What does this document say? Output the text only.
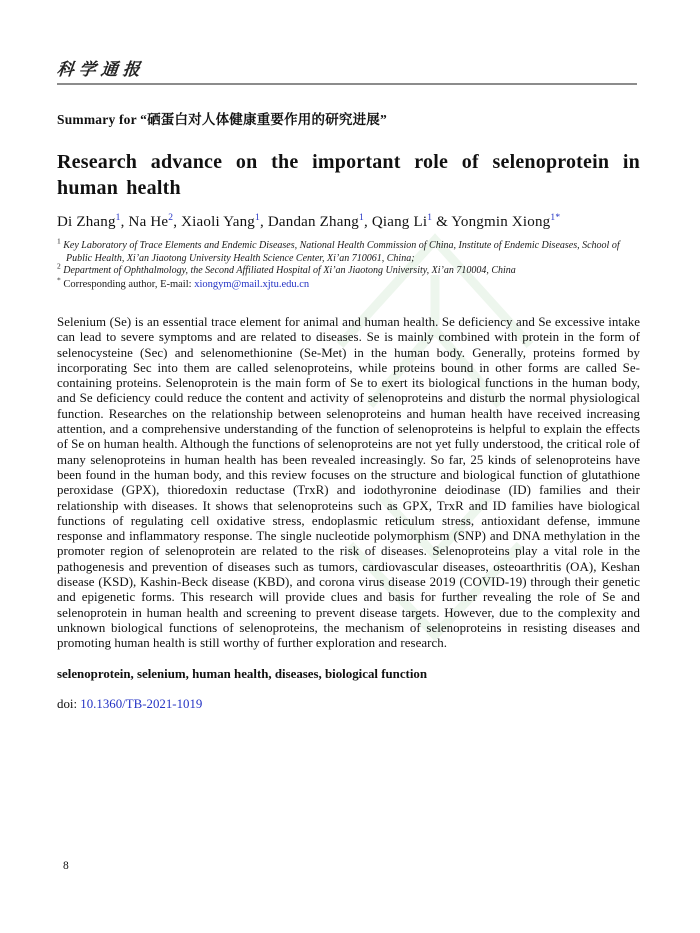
科学通报
Summary for “硒蛋白对人体健康重要作用的研究进展”
Research advance on the important role of selenoprotein in human health
Di Zhang$^1$, Na He$^2$, Xiaoli Yang$^1$, Dandan Zhang$^1$, Qiang Li$^1$ & Yongmin Xiong$^{1*}$
$^1$ Key Laboratory of Trace Elements and Endemic Diseases, National Health Commission of China, Institute of Endemic Diseases, School of Public Health, Xi’an Jiaotong University Health Science Center, Xi’an 710061, China;
$^2$ Department of Ophthalmology, the Second Affiliated Hospital of Xi’an Jiaotong University, Xi’an 710004, China
* Corresponding author, E-mail: xiongym@mail.xjtu.edu.cn

Selenium (Se) is an essential trace element for animal and human health. Se deficiency and Se excessive intake can lead to severe symptoms and are related to diseases. Se is mainly combined with protein in the form of selenocysteine (Sec) and selenomethionine (Se-Met) in the human body. Generally, proteins formed by incorporating Sec into them are called selenoproteins, while proteins bound in other forms are called Se-containing proteins. Selenoprotein is the main form of Se to exert its biological functions in the human body, and Se deficiency could reduce the content and activity of selenoproteins and disturb the normal physiological function. Researches on the relationship between selenoproteins and human health have received increasing attention, and a comprehensive understanding of the function of selenoproteins is helpful to explain the effects of Se on human health. Although the functions of selenoproteins are not yet fully understood, the critical role of many selenoproteins in human health has been revealed increasingly. So far, 25 kinds of selenoproteins have been found in the human body, and this review focuses on the structure and biological function of glutathione peroxidase (GPX), thioredoxin reductase (TrxR) and iodothyronine deiodinase (ID) families and their relationship with diseases. It shows that selenoproteins such as GPX, TrxR and ID families have biological functions of regulating cell oxidative stress, endoplasmic reticulum stress, antioxidant defense, immune response and inflammatory response. The single nucleotide polymorphism (SNP) and DNA methylation in the promoter region of selenoprotein are related to the risk of diseases. Selenoproteins play a vital role in the pathogenesis and prevention of diseases such as tumors, cardiovascular diseases, osteoarthritis (OA), Keshan disease (KSD), Kashin-Beck disease (KBD), and corona virus disease 2019 (COVID-19) through their genetic and epigenetic forms. This research will provide clues and basis for further revealing the role of Se and selenoprotein in human health and screening to prevent disease targets. However, due to the complexity and unknown biological functions of selenoproteins, the mechanism of selenoproteins in resisting diseases and promoting human health is still worthy of further exploration and research.

selenoprotein, selenium, human health, diseases, biological function
doi: 10.1360/TB-2021-1019
8
